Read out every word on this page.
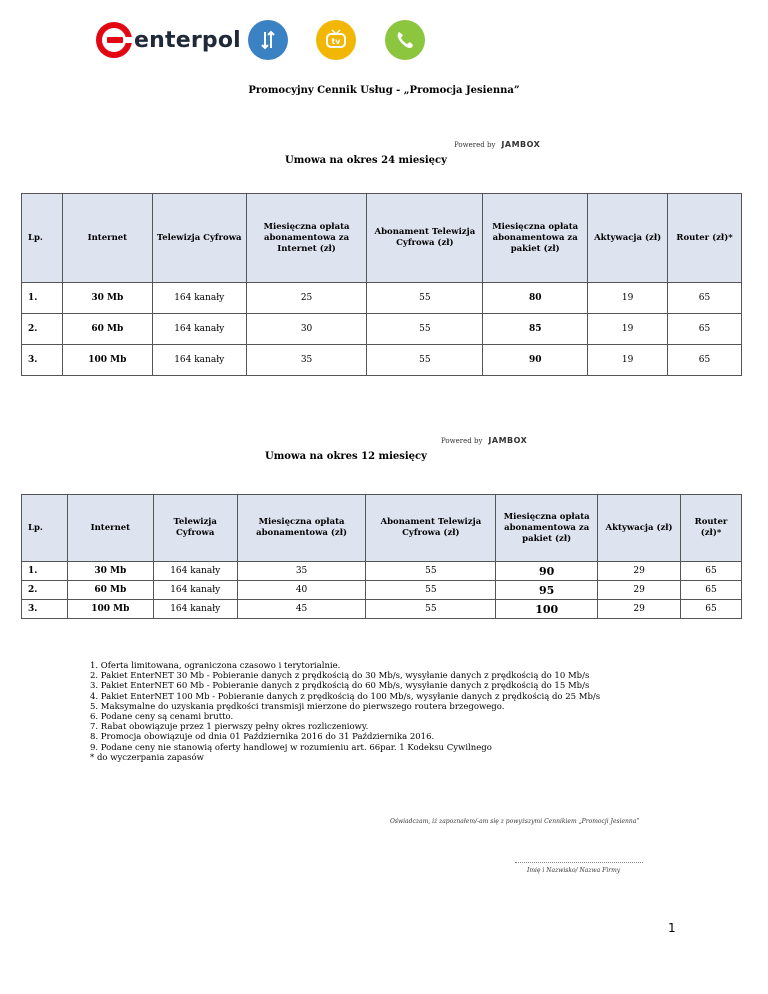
enterpol	tv
Promocyjny Cennik Usług - „Promocja Jesienna”
Powered by JAMBOX
Umowa na okres 24 miesięcy
Lp.	Internet	Telewizja Cyfrowa	Miesięczna opłata abonamentowa za Internet (zł)	Abonament Telewizja Cyfrowa (zł)	Miesięczna opłata abonamentowa za pakiet (zł)	Aktywacja (zł)	Router (zł)*
1.	30 Mb	164 kanały	25	55	80	19	65
2.	60 Mb	164 kanały	30	55	85	19	65
3.	100 Mb	164 kanały	35	55	90	19	65
Powered by JAMBOX
Umowa na okres 12 miesięcy
Lp.	Internet	Telewizja Cyfrowa	Miesięczna opłata abonamentowa (zł)	Abonament Telewizja Cyfrowa (zł)	Miesięczna opłata abonamentowa za pakiet (zł)	Aktywacja (zł)	Router (zł)*
1.	30 Mb	164 kanały	35	55	90	29	65
2.	60 Mb	164 kanały	40	55	95	29	65
3.	100 Mb	164 kanały	45	55	100	29	65
1. Oferta limitowana, ograniczona czasowo i terytorialnie.
2. Pakiet EnterNET 30 Mb - Pobieranie danych z prędkością do 30 Mb/s, wysyłanie danych z prędkością do 10 Mb/s
3. Pakiet EnterNET 60 Mb - Pobieranie danych z prędkością do 60 Mb/s, wysyłanie danych z prędkością do 15 Mb/s
4. Pakiet EnterNET 100 Mb - Pobieranie danych z prędkością do 100 Mb/s, wysyłanie danych z prędkością do 25 Mb/s
5. Maksymalne do uzyskania prędkości transmisji mierzone do pierwszego routera brzegowego.
6. Podane ceny są cenami brutto.
7. Rabat obowiązuje przez 1 pierwszy pełny okres rozliczeniowy.
8. Promocja obowiązuje od dnia 01 Października 2016 do 31 Października 2016.
9. Podane ceny nie stanowią oferty handlowej w rozumieniu art. 66par. 1 Kodeksu Cywilnego
* do wyczerpania zapasów
Oświadczam, iż zapoznałem/-am się z powyższymi Cennikiem „Promocji Jesienna”
Imię i Nazwisko/ Nazwa Firmy
1
